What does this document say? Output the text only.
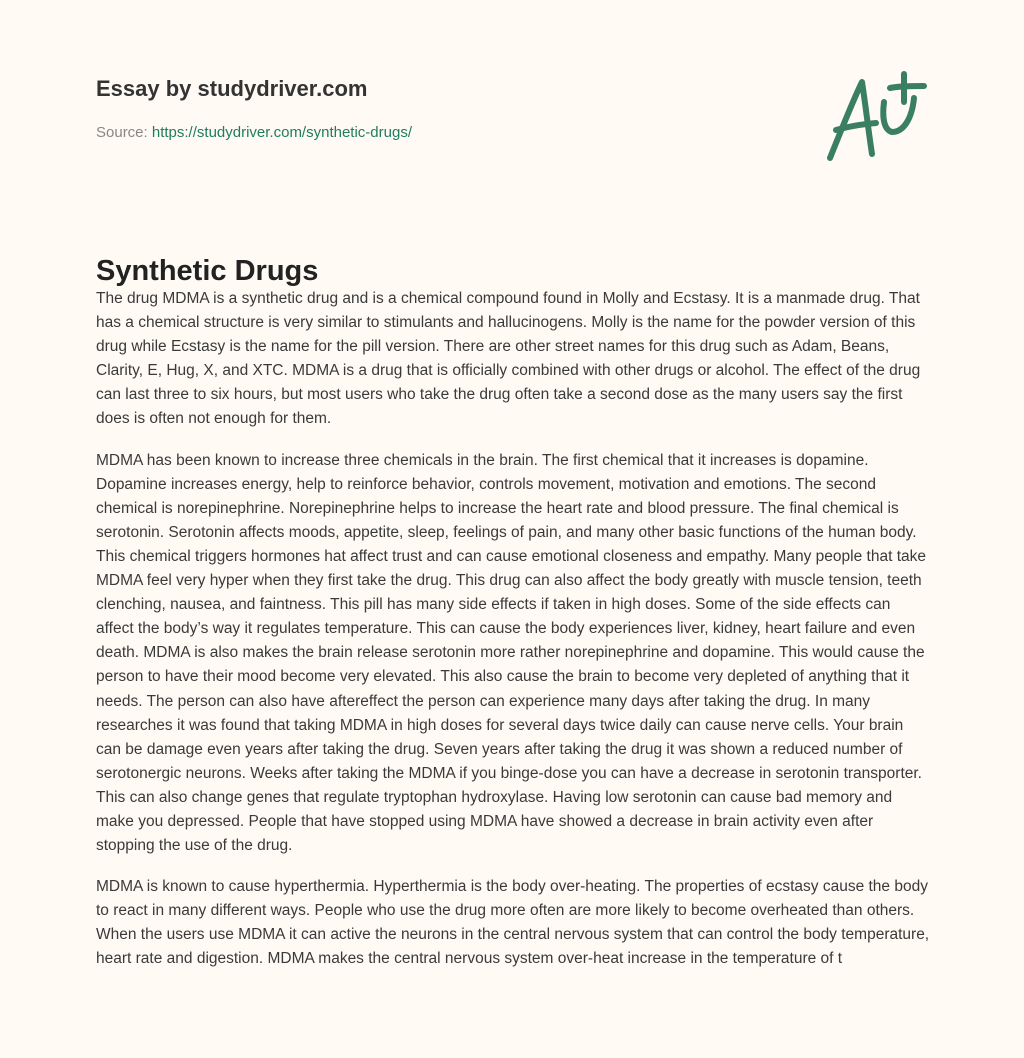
Essay by studydriver.com
Source: https://studydriver.com/synthetic-drugs/
Synthetic Drugs

The drug MDMA is a synthetic drug and is a chemical compound found in Molly and Ecstasy. It is a manmade drug. That has a chemical structure is very similar to stimulants and hallucinogens. Molly is the name for the powder version of this drug while Ecstasy is the name for the pill version. There are other street names for this drug such as Adam, Beans, Clarity, E, Hug, X, and XTC. MDMA is a drug that is officially combined with other drugs or alcohol. The effect of the drug can last three to six hours, but most users who take the drug often take a second dose as the many users say the first does is often not enough for them.

MDMA has been known to increase three chemicals in the brain. The first chemical that it increases is dopamine. Dopamine increases energy, help to reinforce behavior, controls movement, motivation and emotions. The second chemical is norepinephrine. Norepinephrine helps to increase the heart rate and blood pressure. The final chemical is serotonin. Serotonin affects moods, appetite, sleep, feelings of pain, and many other basic functions of the human body. This chemical triggers hormones hat affect trust and can cause emotional closeness and empathy. Many people that take MDMA feel very hyper when they first take the drug. This drug can also affect the body greatly with muscle tension, teeth clenching, nausea, and faintness. This pill has many side effects if taken in high doses. Some of the side effects can affect the body’s way it regulates temperature. This can cause the body experiences liver, kidney, heart failure and even death. MDMA is also makes the brain release serotonin more rather norepinephrine and dopamine. This would cause the person to have their mood become very elevated. This also cause the brain to become very depleted of anything that it needs. The person can also have aftereffect the person can experience many days after taking the drug. In many researches it was found that taking MDMA in high doses for several days twice daily can cause nerve cells. Your brain can be damage even years after taking the drug. Seven years after taking the drug it was shown a reduced number of serotonergic neurons. Weeks after taking the MDMA if you binge-dose you can have a decrease in serotonin transporter. This can also change genes that regulate tryptophan hydroxylase. Having low serotonin can cause bad memory and make you depressed. People that have stopped using MDMA have showed a decrease in brain activity even after stopping the use of the drug.

MDMA is known to cause hyperthermia. Hyperthermia is the body over-heating. The properties of ecstasy cause the body to react in many different ways. People who use the drug more often are more likely to become overheated than others. When the users use MDMA it can active the neurons in the central nervous system that can control the body temperature, heart rate and digestion. MDMA makes the central nervous system over-heat increase in the temperature of t
